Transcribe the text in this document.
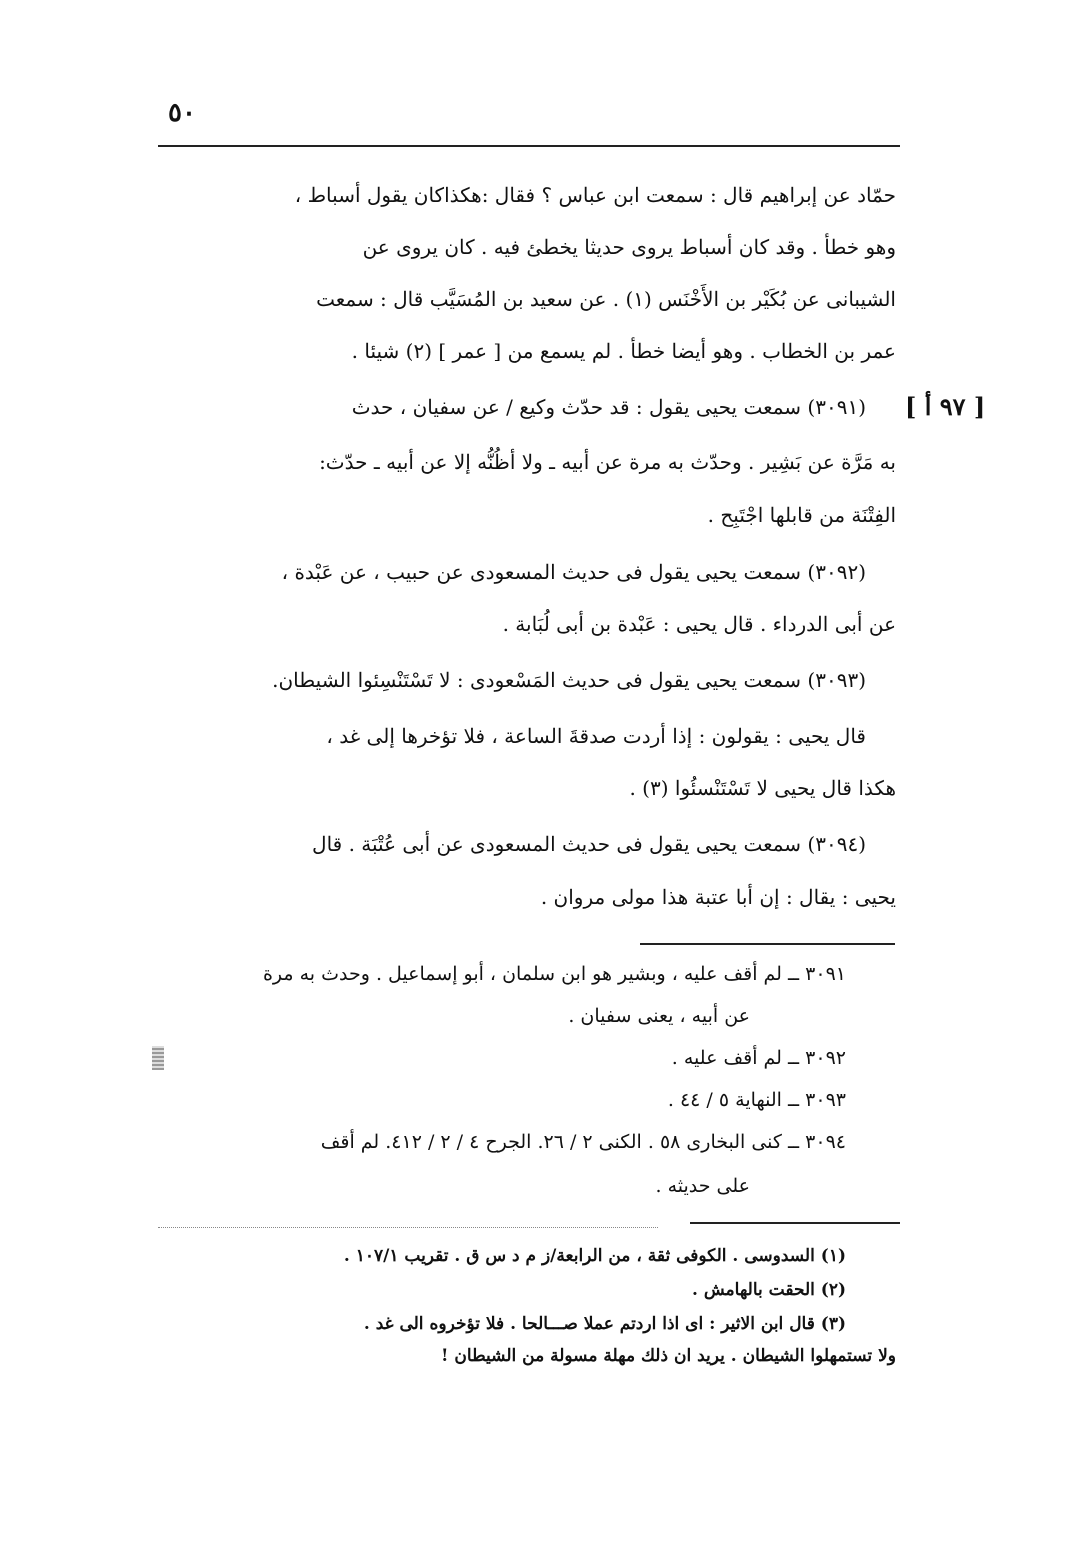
٥٠
[ ٩٧ أ ]
حمّاد عن إبراهيم قال : سمعت ابن عباس ؟ فقال :هكذاكان يقول أسباط ،
وهو خطأ . وقد كان أسباط يروى حديثا يخطئ فيه . كان يروى عن
الشيبانى عن بُكَيْر بن الأَخْنَس (١) . عن سعيد بن المُسَيَّب قال : سمعت
عمر بن الخطاب . وهو أيضا خطأ . لم يسمع من [ عمر ] (٢) شيئا .
(٣٠٩١) سمعت يحيى يقول : قد حدّث وكيع / عن سفيان ، حدث
به مَرَّة عن بَشِير . وحدّث به مرة عن أبيه ـ ولا أظُنُّه إلا عن أبيه ـ حدّث:
الفِتْنَة من قابلها اجْتَبِح .
(٣٠٩٢) سمعت يحيى يقول فى حديث المسعودى عن حبيب ، عن عَبْدة ،
عن أبى الدرداء . قال يحيى : عَبْدة بن أبى لُبَابة .
(٣٠٩٣) سمعت يحيى يقول فى حديث المَسْعودى : لا تَسْتَنْسِئوا الشيطان.
قال يحيى : يقولون : إذا أردت صدقةَ الساعة ، فلا تؤخرها إلى غد ،
هكذا قال يحيى لا تَسْتَنْسئُوا (٣) .
(٣٠٩٤) سمعت يحيى يقول فى حديث المسعودى عن أبى عُتْبَة . قال
يحيى : يقال : إن أبا عتبة هذا مولى مروان .
٣٠٩١ ــ لم أقف عليه ، وبشير هو ابن سلمان ، أبو إسماعيل . وحدث به مرة
عن أبيه ، يعنى سفيان .
٣٠٩٢ ــ لم أقف عليه .
٣٠٩٣ ــ النهاية ٥ / ٤٤ .
٣٠٩٤ ــ كنى البخارى ٥٨ . الكنى ٢ / ٢٦. الجرح ٤ / ٢ / ٤١٢. لم أقف
على حديثه .
(١) السدوسى . الكوفى ثقة ، من الرابعة/ز م د س ق . تقريب ١٠٧/١ .
(٢) الحقت بالهامش .
(٣) قال ابن الاثير : اى اذا اردتم عملا صـــالحا . فلا تؤخروه الى غد .
ولا تستمهلوا الشيطان . يريد ان ذلك مهلة مسولة من الشيطان !
